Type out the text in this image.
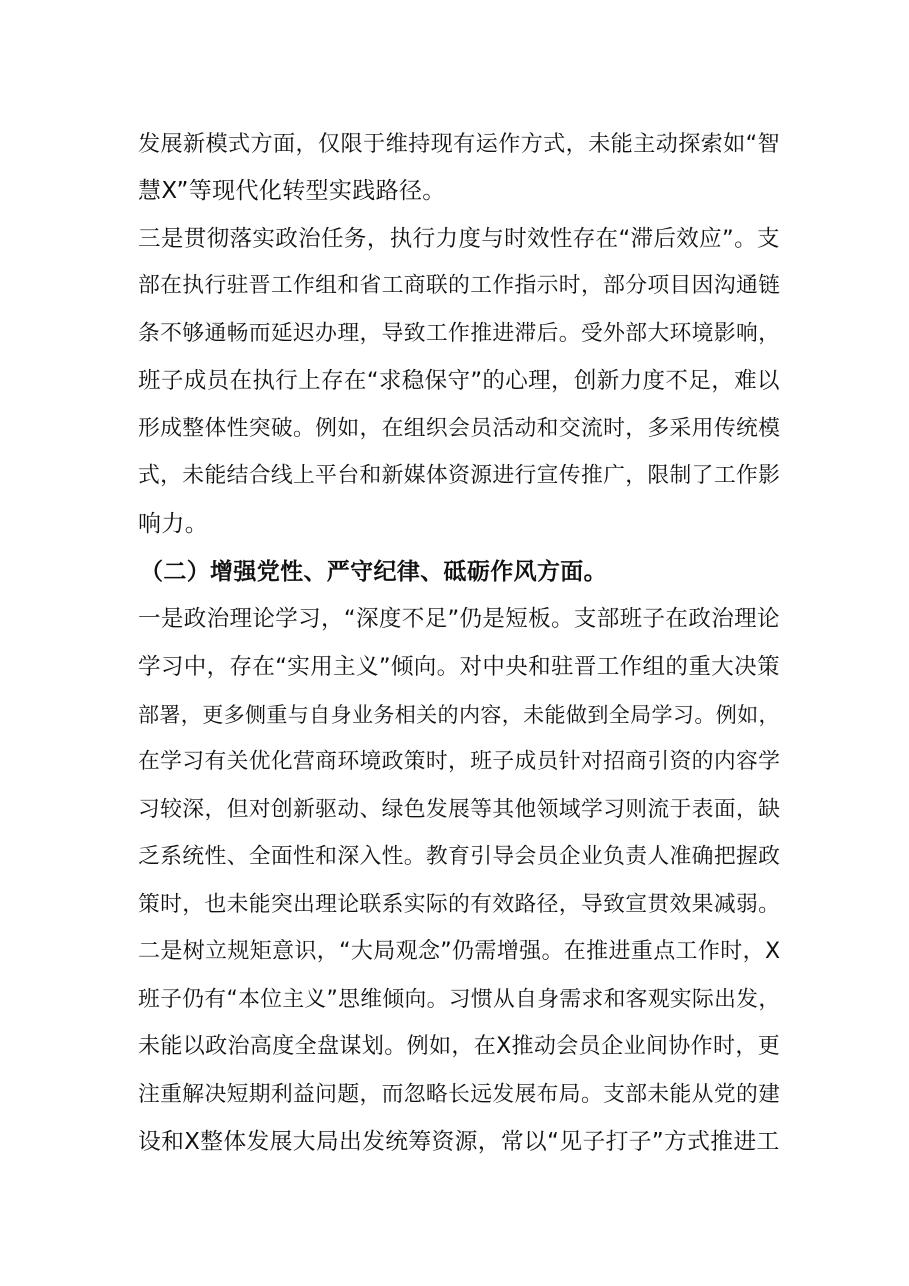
发展新模式方面，仅限于维持现有运作方式，未能主动探索如“智
慧X”等现代化转型实践路径。
三是贯彻落实政治任务，执行力度与时效性存在“滞后效应”。支
部在执行驻晋工作组和省工商联的工作指示时，部分项目因沟通链
条不够通畅而延迟办理，导致工作推进滞后。受外部大环境影响，
班子成员在执行上存在“求稳保守”的心理，创新力度不足，难以
形成整体性突破。例如，在组织会员活动和交流时，多采用传统模
式，未能结合线上平台和新媒体资源进行宣传推广，限制了工作影
响力。
（二）增强党性、严守纪律、砥砺作风方面。
一是政治理论学习，“深度不足”仍是短板。支部班子在政治理论
学习中，存在“实用主义”倾向。对中央和驻晋工作组的重大决策
部署，更多侧重与自身业务相关的内容，未能做到全局学习。例如，
在学习有关优化营商环境政策时，班子成员针对招商引资的内容学
习较深，但对创新驱动、绿色发展等其他领域学习则流于表面，缺
乏系统性、全面性和深入性。教育引导会员企业负责人准确把握政
策时，也未能突出理论联系实际的有效路径，导致宣贯效果减弱。
二是树立规矩意识，“大局观念”仍需增强。在推进重点工作时，X
班子仍有“本位主义”思维倾向。习惯从自身需求和客观实际出发，
未能以政治高度全盘谋划。例如，在X推动会员企业间协作时，更
注重解决短期利益问题，而忽略长远发展布局。支部未能从党的建
设和X整体发展大局出发统筹资源，常以“见子打子”方式推进工
